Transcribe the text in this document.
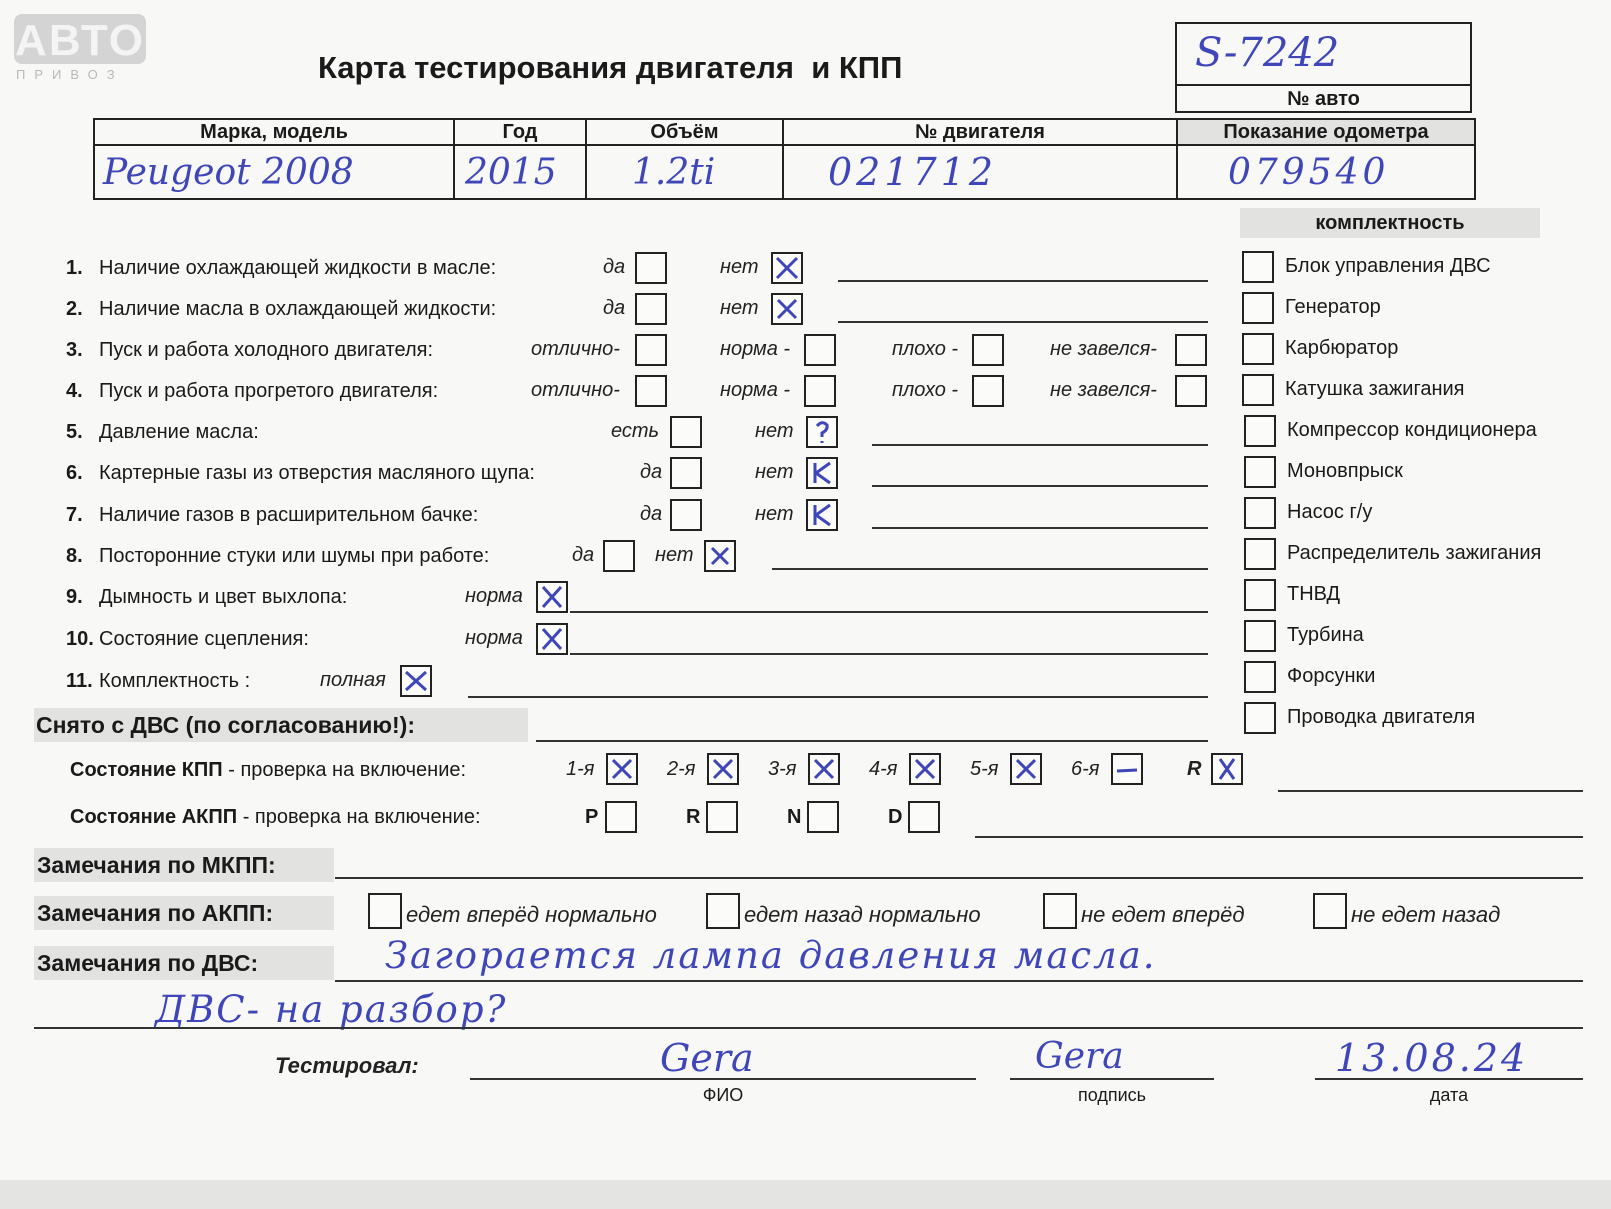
АВТО
ПРИВОЗ	Карта тестирования двигателя  и КПП	S-7242
№ авто
Марка, модель	Год	Объём	№ двигателя	Показание одометра
Peugeot 2008	2015	1.2ti	021712	079540
комплектность
1. Наличие охлаждающей жидкости в масле:	да	нет
2. Наличие масла в охлаждающей жидкости:	да	нет
3. Пуск и работа холодного двигателя:	отлично-	норма -	плохо -	не завелся-
4. Пуск и работа прогретого двигателя:	отлично-	норма -	плохо -	не завелся-
5. Давление масла:	есть	нет
6. Картерные газы из отверстия масляного щупа:	да	нет
7. Наличие газов в расширительном бачке:	да	нет
8. Посторонние стуки или шумы при работе:	да	нет
9. Дымность и цвет выхлопа:	норма
10. Состояние сцепления:	норма
11. Комплектность :	полная
Снято с ДВС (по согласованию!):
Блок управления ДВС
Генератор
Карбюратор
Катушка зажигания
Компрессор кондиционера
Моновпрыск
Насос г/у
Распределитель зажигания
ТНВД
Турбина
Форсунки
Проводка двигателя
Состояние КПП - проверка на включение:	1-я	2-я	3-я	4-я	5-я	6-я	R
Состояние АКПП - проверка на включение:	P	R	N	D
Замечания по МКПП:
Замечания по АКПП:	едет вперёд нормально	едет назад нормально	не едет вперёд	не едет назад
Замечания по ДВС:	Загорается лампа давления масла.
ДВС- на разбор?
Тестировал:	Gera
ФИО
Gera
подпись
13.08.24
дата
